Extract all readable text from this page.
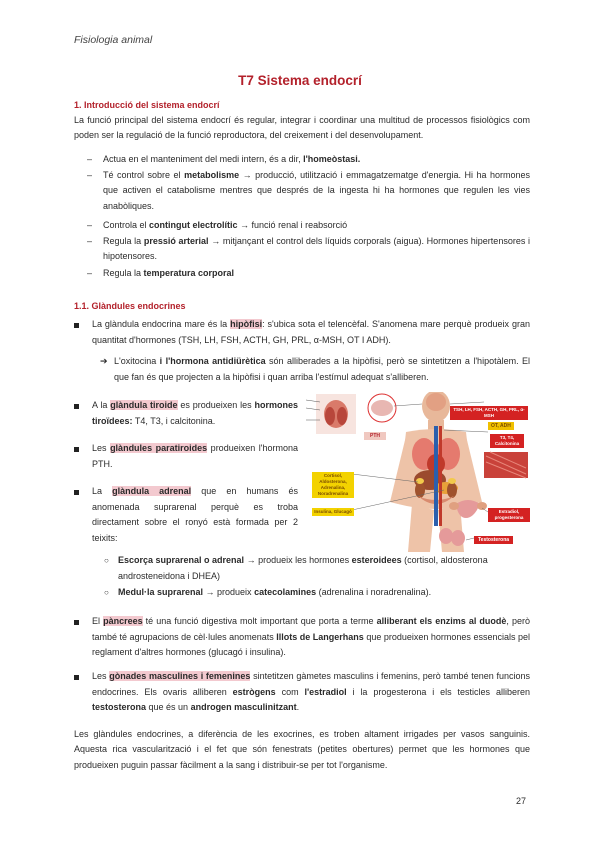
Fisiologia animal
T7 Sistema endocrí
1. Introducció del sistema endocrí
La funció principal del sistema endocrí és regular, integrar i coordinar una multitud de processos fisiològics com poden ser la regulació de la funció reproductora, del creixement i del desenvolupament.
– Actua en el manteniment del medi intern, és a dir, l'homeòstasi.
– Té control sobre el metabolisme → producció, utilització i emmagatzematge d'energia. Hi ha hormones que activen el catabolisme mentres que després de la ingesta hi ha hormones que regulen les vies anabòliques.
– Controla el contingut electrolític → funció renal i reabsorció
– Regula la pressió arterial → mitjançant el control dels líquids corporals (aigua). Hormones hipertensores i hipotensores.
– Regula la temperatura corporal
1.1. Glàndules endocrines
La glàndula endocrina mare és la hipòfisi: s'ubica sota el telencèfal. S'anomena mare perquè produeix gran quantitat d'hormones (TSH, LH, FSH, ACTH, GH, PRL, α-MSH, OT I ADH).
➔ L'oxitocina i l'hormona antidiürètica són alliberades a la hipòfisi, però se sintetitzen a l'hipotàlem. El que fan és que projecten a la hipòfisi i quan arriba l'estímul adequat s'alliberen.
A la glàndula tiroide es produeixen les hormones tiroïdees: T4, T3, i calcitonina.
Les glàndules paratiroides produeixen l'hormona PTH.
La glàndula adrenal que en humans és anomenada suprarenal perquè es troba directament sobre el ronyó està formada per 2 teixits:
○ Escorça suprarenal o adrenal → produeix les hormones esteroidees (cortisol, aldosterona androsteneidona i DHEA)
○ Medul·la suprarenal → produeix catecolamines (adrenalina i noradrenalina).
El pàncrees té una funció digestiva molt important que porta a terme alliberant els enzims al duodè, però també té agrupacions de cèl·lules anomenats Illots de Langerhans que produeixen hormones essencials pel reglament d'altres hormones (glucagó i insulina).
Les gònades masculines i femenines sintetitzen gàmetes masculins i femenins, però també tenen funcions endocrines. Els ovaris alliberen estrògens com l'estradiol i la progesterona i els testicles alliberen testosterona que és un androgen masculinitzant.
Les glàndules endocrines, a diferència de les exocrines, es troben altament irrigades per vasos sanguinis. Aquesta rica vascularització i el fet que són fenestrats (petites obertures) permet que les hormones que produeixen puguin passar fàcilment a la sang i distribuir-se per tot l'organisme.
27
TSH, LH, FSH, ACTH, GH, PRL, α-MSH
OT, ADH
T3, T4, Calcitonina
PTH
Cortisol, Aldosterona, Adrenalina, Noradrenalina
Insulina, Glucagó	Estradiol, progesterona
Testosterona
